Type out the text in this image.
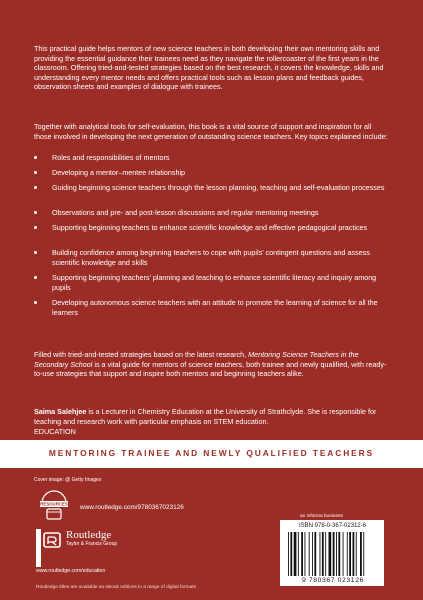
This practical guide helps mentors of new science teachers in both developing their own mentoring skills and providing the essential guidance their trainees need as they navigate the rollercoaster of the first years in the classroom. Offering tried-and-tested strategies based on the best research, it covers the knowledge, skills and understanding every mentor needs and offers practical tools such as lesson plans and feedback guides, observation sheets and examples of dialogue with trainees.

Together with analytical tools for self-evaluation, this book is a vital source of support and inspiration for all those involved in developing the next generation of outstanding science teachers. Key topics explained include:

Roles and responsibilities of mentors
Developing a mentor–mentee relationship
Guiding beginning science teachers through the lesson planning, teaching and self-evaluation processes
Observations and pre- and post-lesson discussions and regular mentoring meetings
Supporting beginning teachers to enhance scientific knowledge and effective pedagogical practices
Building confidence among beginning teachers to cope with pupils’ contingent questions and assess scientific knowledge and skills
Supporting beginning teachers’ planning and teaching to enhance scientific literacy and inquiry among pupils
Developing autonomous science teachers with an attitude to promote the learning of science for all the learners

Filled with tried-and-tested strategies based on the latest research, Mentoring Science Teachers in the Secondary School is a vital guide for mentors of science teachers, both trainee and newly qualified, with ready-to-use strategies that support and inspire both mentors and beginning teachers alike.

Saima Salehjee is a Lecturer in Chemistry Education at the University of Strathclyde. She is responsible for teaching and research work with particular emphasis on STEM education.

EDUCATION
MENTORING TRAINEE AND NEWLY QUALIFIED TEACHERS
Cover image: @ Getty Images
RESOURCES www.routledge.com/9780367023126
Routledge
Taylor & Francis Group
www.routledge.com/education
Routledge titles are available as eBook editions in a range of digital formats
an informa business
ISBN 978-0-367-02312-6
9 780367 023126
